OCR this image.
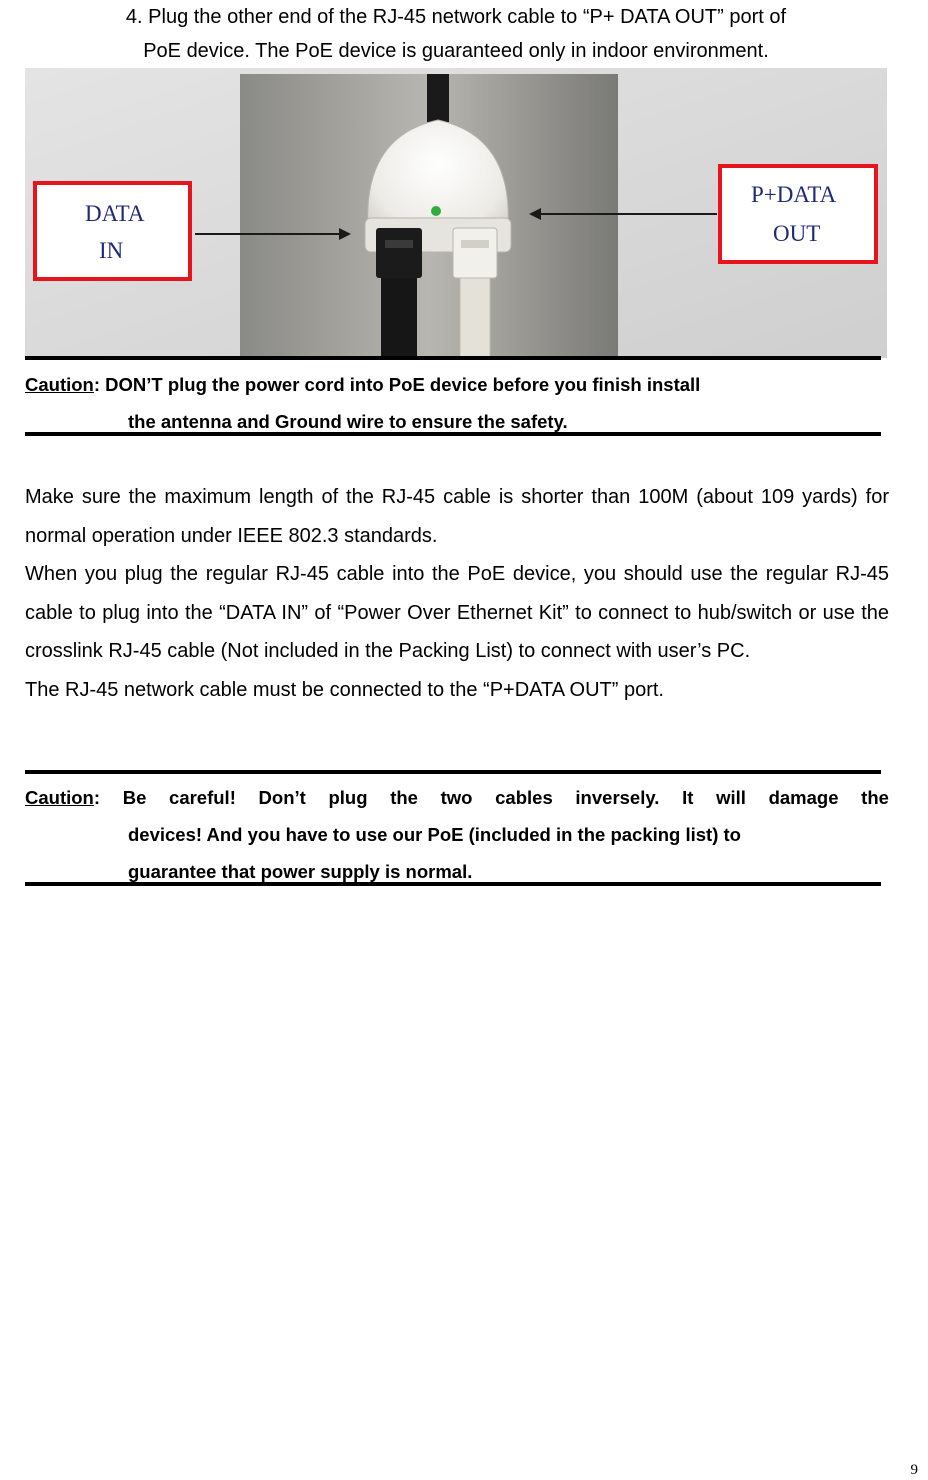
4. Plug the other end of the RJ-45 network cable to “P+ DATA OUT” port of
PoE device. The PoE device is guaranteed only in indoor environment.
DATA
IN
P+DATA
OUT
Caution: DON’T plug the power cord into PoE device before you finish install
the antenna and Ground wire to ensure the safety.

Make sure the maximum length of the RJ-45 cable is shorter than 100M (about 109 yards) for normal operation under IEEE 802.3 standards.

When you plug the regular RJ-45 cable into the PoE device, you should use the regular RJ-45 cable to plug into the “DATA IN” of “Power Over Ethernet Kit” to connect to hub/switch or use the crosslink RJ-45 cable (Not included in the Packing List) to connect with user’s PC.

The RJ-45 network cable must be connected to the “P+DATA OUT” port.

Caution: Be careful! Don’t plug the two cables inversely. It will damage the
devices! And you have to use our PoE (included in the packing list) to
guarantee that power supply is normal.
9
